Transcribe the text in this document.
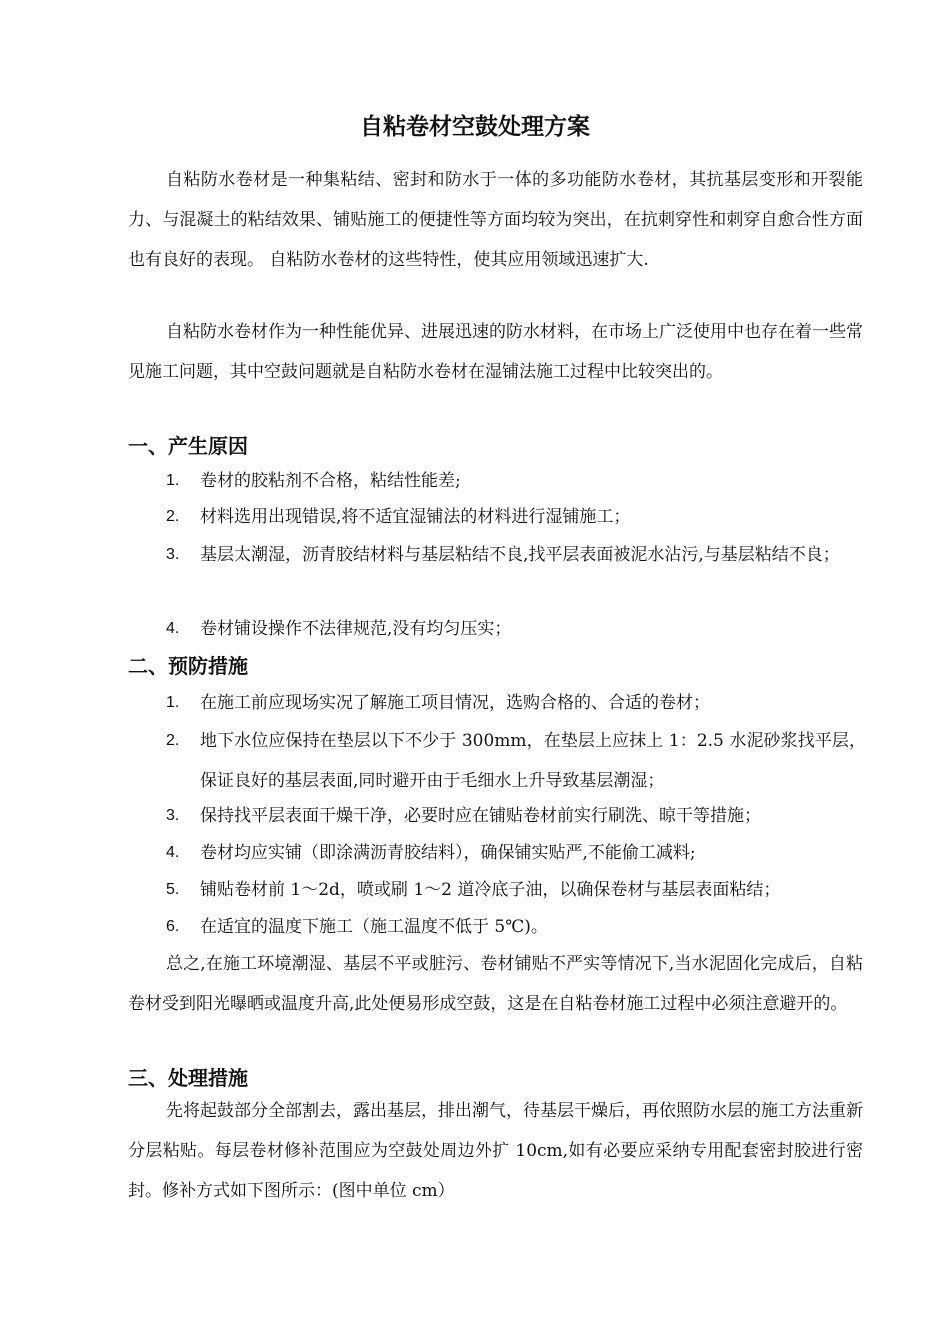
自粘卷材空鼓处理方案

自粘防水卷材是一种集粘结、密封和防水于一体的多功能防水卷材，其抗基层变形和开裂能力、与混凝土的粘结效果、铺贴施工的便捷性等方面均较为突出，在抗刺穿性和刺穿自愈合性方面也有良好的表现。 自粘防水卷材的这些特性，使其应用领域迅速扩大.

自粘防水卷材作为一种性能优异、进展迅速的防水材料，在市场上广泛使用中也存在着一些常见施工问题，其中空鼓问题就是自粘防水卷材在湿铺法施工过程中比较突出的。

一、产生原因
1.	卷材的胶粘剂不合格，粘结性能差;
2.	材料选用出现错误,将不适宜湿铺法的材料进行湿铺施工；
3.	基层太潮湿，沥青胶结材料与基层粘结不良,找平层表面被泥水沾污,与基层粘结不良；
4.	卷材铺设操作不法律规范,没有均匀压实；
二、预防措施
1.	在施工前应现场实况了解施工项目情况，选购合格的、合适的卷材；
2.	地下水位应保持在垫层以下不少于 300mm，在垫层上应抹上 1：2.5 水泥砂浆找平层，保证良好的基层表面,同时避开由于毛细水上升导致基层潮湿；
3.	保持找平层表面干燥干净，必要时应在铺贴卷材前实行刷洗、晾干等措施；
4.	卷材均应实铺（即涂满沥青胶结料），确保铺实贴严,不能偷工减料;
5.	铺贴卷材前 1～2d，喷或刷 1～2 道冷底子油，以确保卷材与基层表面粘结；
6.	在适宜的温度下施工（施工温度不低于 5℃)。

总之,在施工环境潮湿、基层不平或脏污、卷材铺贴不严实等情况下,当水泥固化完成后，自粘卷材受到阳光曝晒或温度升高,此处便易形成空鼓，这是在自粘卷材施工过程中必须注意避开的。

三、处理措施

先将起鼓部分全部割去，露出基层，排出潮气，待基层干燥后，再依照防水层的施工方法重新分层粘贴。每层卷材修补范围应为空鼓处周边外扩 10cm,如有必要应采纳专用配套密封胶进行密封。修补方式如下图所示：(图中单位 cm）
